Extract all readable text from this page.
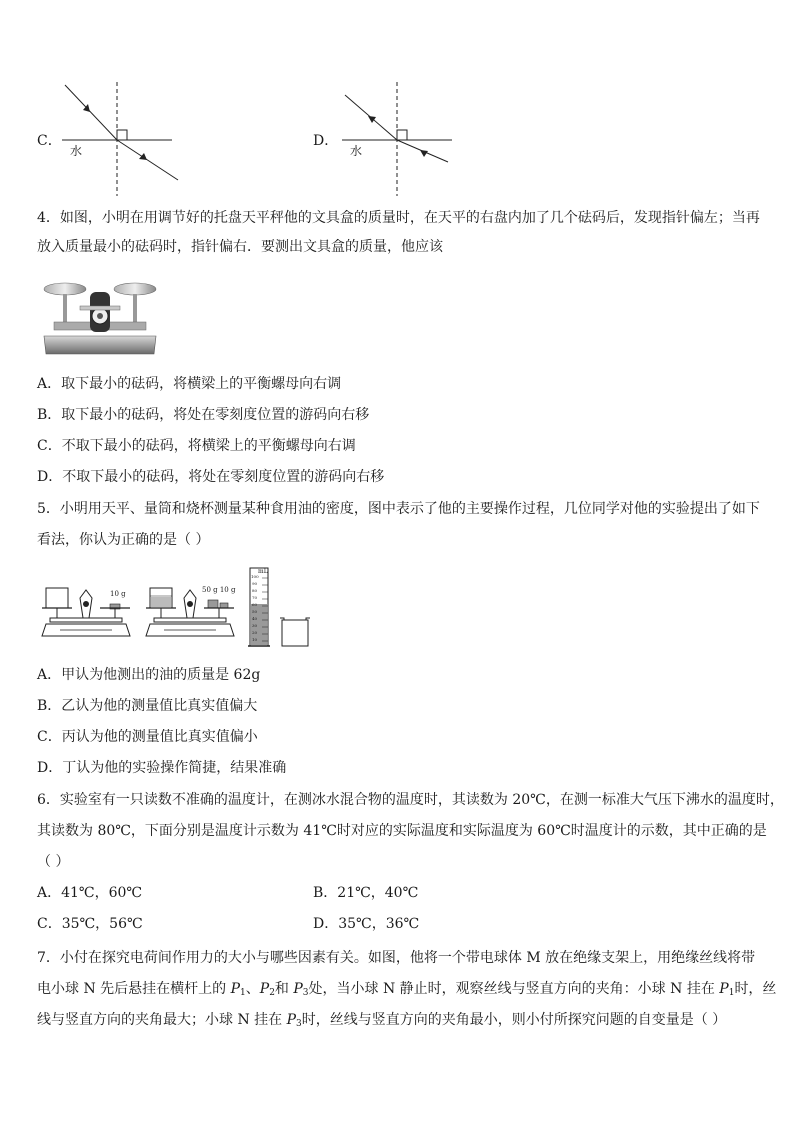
C．
水
D．
水
4．如图，小明在用调节好的托盘天平秤他的文具盒的质量时，在天平的右盘内加了几个砝码后，发现指针偏左；当再
放入质量最小的砝码时，指针偏右．要测出文具盒的质量，他应该
A．取下最小的砝码，将横梁上的平衡螺母向右调
B．取下最小的砝码，将处在零刻度位置的游码向右移
C．不取下最小的砝码，将横梁上的平衡螺母向右调
D．不取下最小的砝码，将处在零刻度位置的游码向右移
5．小明用天平、量筒和烧杯测量某种食用油的密度，图中表示了他的主要操作过程，几位同学对他的实验提出了如下
看法，你认为正确的是（ ）
10 g	50 g 10 g
mL
100
90
80
70
60
50
40
30
20
10
A．甲认为他测出的油的质量是 62g
B．乙认为他的测量值比真实值偏大
C．丙认为他的测量值比真实值偏小
D．丁认为他的实验操作简捷，结果准确
6．实验室有一只读数不准确的温度计，在测冰水混合物的温度时，其读数为 20℃，在测一标准大气压下沸水的温度时，
其读数为 80℃，下面分别是温度计示数为 41℃时对应的实际温度和实际温度为 60℃时温度计的示数，其中正确的是
（ ）
A．41℃，60℃	B．21℃，40℃
C．35℃，56℃	D．35℃，36℃
7．小付在探究电荷间作用力的大小与哪些因素有关。如图，他将一个带电球体 M 放在绝缘支架上，用绝缘丝线将带
电小球 N 先后悬挂在横杆上的 $P_1$、$P_2$和 $P_3$处，当小球 N 静止时，观察丝线与竖直方向的夹角：小球 N 挂在 $P_1$时，丝
线与竖直方向的夹角最大；小球 N 挂在 $P_3$时，丝线与竖直方向的夹角最小，则小付所探究问题的自变量是（ ）
